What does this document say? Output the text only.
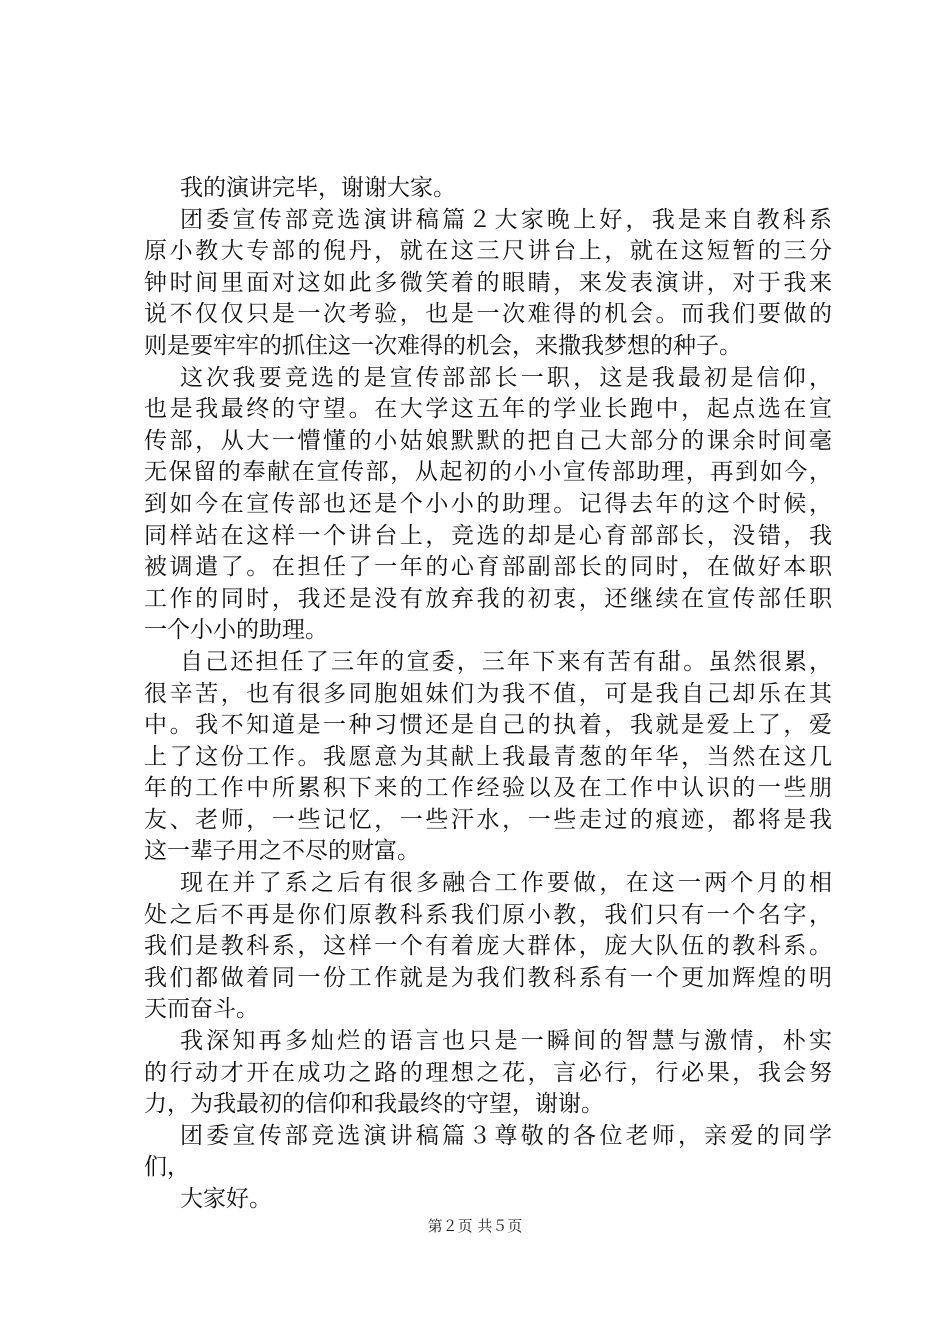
我的演讲完毕，谢谢大家。
团委宣传部竞选演讲稿篇２大家晚上好，我是来自教科系
原小教大专部的倪丹，就在这三尺讲台上，就在这短暂的三分
钟时间里面对这如此多微笑着的眼睛，来发表演讲，对于我来
说不仅仅只是一次考验，也是一次难得的机会。而我们要做的
则是要牢牢的抓住这一次难得的机会，来撒我梦想的种子。
这次我要竞选的是宣传部部长一职，这是我最初是信仰，
也是我最终的守望。在大学这五年的学业长跑中，起点选在宣
传部，从大一懵懂的小姑娘默默的把自己大部分的课余时间毫
无保留的奉献在宣传部，从起初的小小宣传部助理，再到如今，
到如今在宣传部也还是个小小的助理。记得去年的这个时候，
同样站在这样一个讲台上，竞选的却是心育部部长，没错，我
被调遣了。在担任了一年的心育部副部长的同时，在做好本职
工作的同时，我还是没有放弃我的初衷，还继续在宣传部任职
一个小小的助理。
自己还担任了三年的宣委，三年下来有苦有甜。虽然很累，
很辛苦，也有很多同胞姐妹们为我不值，可是我自己却乐在其
中。我不知道是一种习惯还是自己的执着，我就是爱上了，爱
上了这份工作。我愿意为其献上我最青葱的年华，当然在这几
年的工作中所累积下来的工作经验以及在工作中认识的一些朋
友、老师，一些记忆，一些汗水，一些走过的痕迹，都将是我
这一辈子用之不尽的财富。
现在并了系之后有很多融合工作要做，在这一两个月的相
处之后不再是你们原教科系我们原小教，我们只有一个名字，
我们是教科系，这样一个有着庞大群体，庞大队伍的教科系。
我们都做着同一份工作就是为我们教科系有一个更加辉煌的明
天而奋斗。
我深知再多灿烂的语言也只是一瞬间的智慧与激情，朴实
的行动才开在成功之路的理想之花，言必行，行必果，我会努
力，为我最初的信仰和我最终的守望，谢谢。
团委宣传部竞选演讲稿篇３尊敬的各位老师，亲爱的同学
们，
大家好。
第２页 共５页
